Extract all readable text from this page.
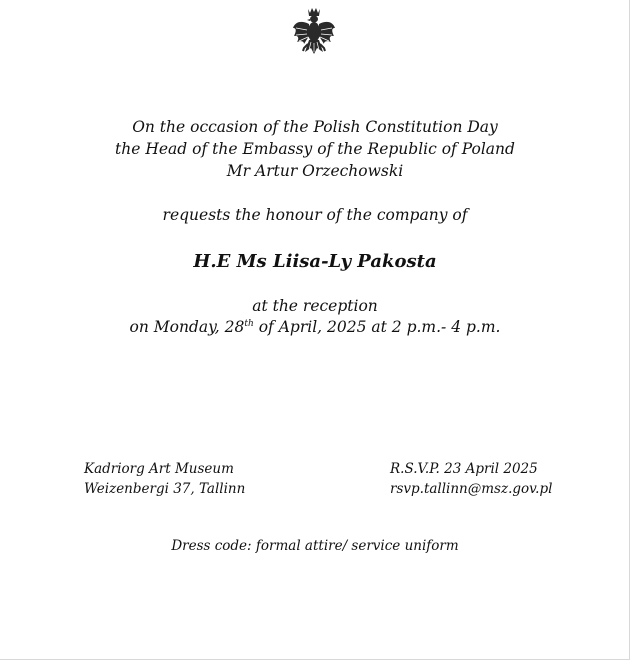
On the occasion of the Polish Constitution Day
the Head of the Embassy of the Republic of Poland
Mr Artur Orzechowski
requests the honour of the company of
H.E Ms Liisa-Ly Pakosta
at the reception
on Monday, 28th of April, 2025 at 2 p.m.- 4 p.m.
Kadriorg Art Museum
Weizenbergi 37, Tallinn
R.S.V.P. 23 April 2025
rsvp.tallinn@msz.gov.pl
Dress code: formal attire/ service uniform
